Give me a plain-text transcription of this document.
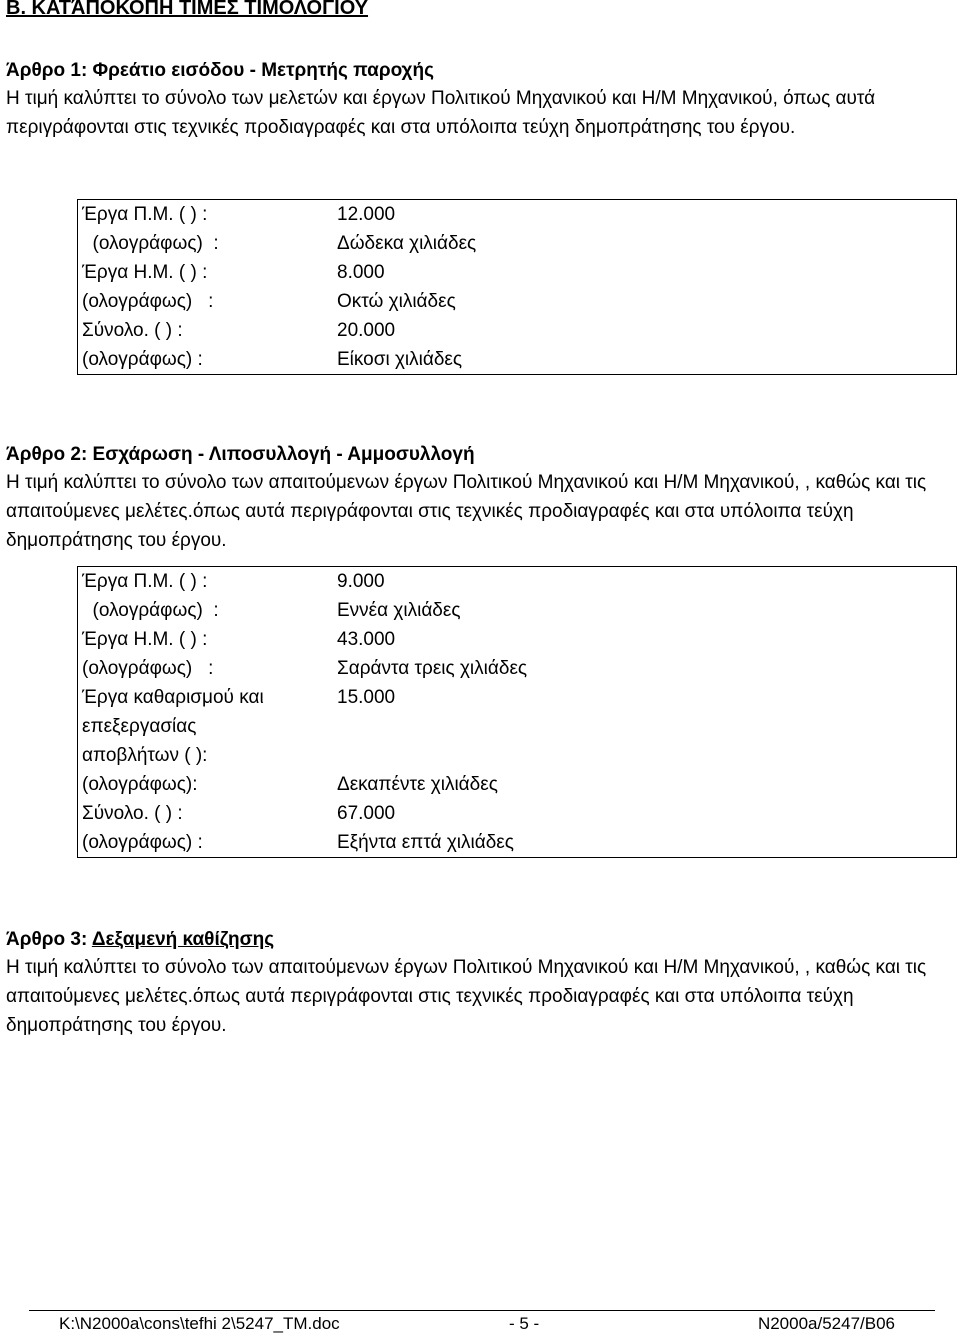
Β. ΚΑΤΆΠΟΚΟΠΗ ΤΙΜΕΣ ΤΙΜΟΛΟΓΙΟΥ
Άρθρο 1: Φρεάτιο εισόδου - Μετρητής παροχής
Η τιμή καλύπτει το σύνολο των μελετών και έργων Πολιτικού Μηχανικού και Η/Μ Μηχανικού, όπως αυτά περιγράφονται στις τεχνικές προδιαγραφές και στα υπόλοιπα τεύχη δημοπράτησης του έργου.
Έργα Π.Μ. ( ) :	12.000
(ολογράφως)  :	Δώδεκα χιλιάδες
Έργα Η.Μ. ( ) :	8.000
(ολογράφως)   :	Οκτώ χιλιάδες
Σύνολο. ( ) :	20.000
(ολογράφως) :	Είκοσι χιλιάδες
Άρθρο 2: Εσχάρωση - Λιποσυλλογή - Αμμοσυλλογή
Η τιμή καλύπτει το σύνολο των απαιτούμενων έργων Πολιτικού Μηχανικού και Η/Μ Μηχανικού, , καθώς και τις απαιτούμενες μελέτες.όπως αυτά περιγράφονται στις τεχνικές προδιαγραφές και στα υπόλοιπα τεύχη δημοπράτησης του έργου.
Έργα Π.Μ. ( ) :	9.000
(ολογράφως)  :	Εννέα χιλιάδες
Έργα Η.Μ. ( ) :	43.000
(ολογράφως)   :	Σαράντα τρεις χιλιάδες
Έργα καθαρισμού και	15.000
επεξεργασίας
αποβλήτων ( ):
(ολογράφως):	Δεκαπέντε χιλιάδες
Σύνολο. ( ) :	67.000
(ολογράφως) :	Εξήντα επτά χιλιάδες
Άρθρο 3: Δεξαμενή καθίζησης
Η τιμή καλύπτει το σύνολο των απαιτούμενων έργων Πολιτικού Μηχανικού και Η/Μ Μηχανικού, , καθώς και τις απαιτούμενες μελέτες.όπως αυτά περιγράφονται στις τεχνικές προδιαγραφές και στα υπόλοιπα τεύχη δημοπράτησης του έργου.
K:\N2000a\cons\tefhi 2\5247_TM.doc	- 5 -	N2000a/5247/B06
